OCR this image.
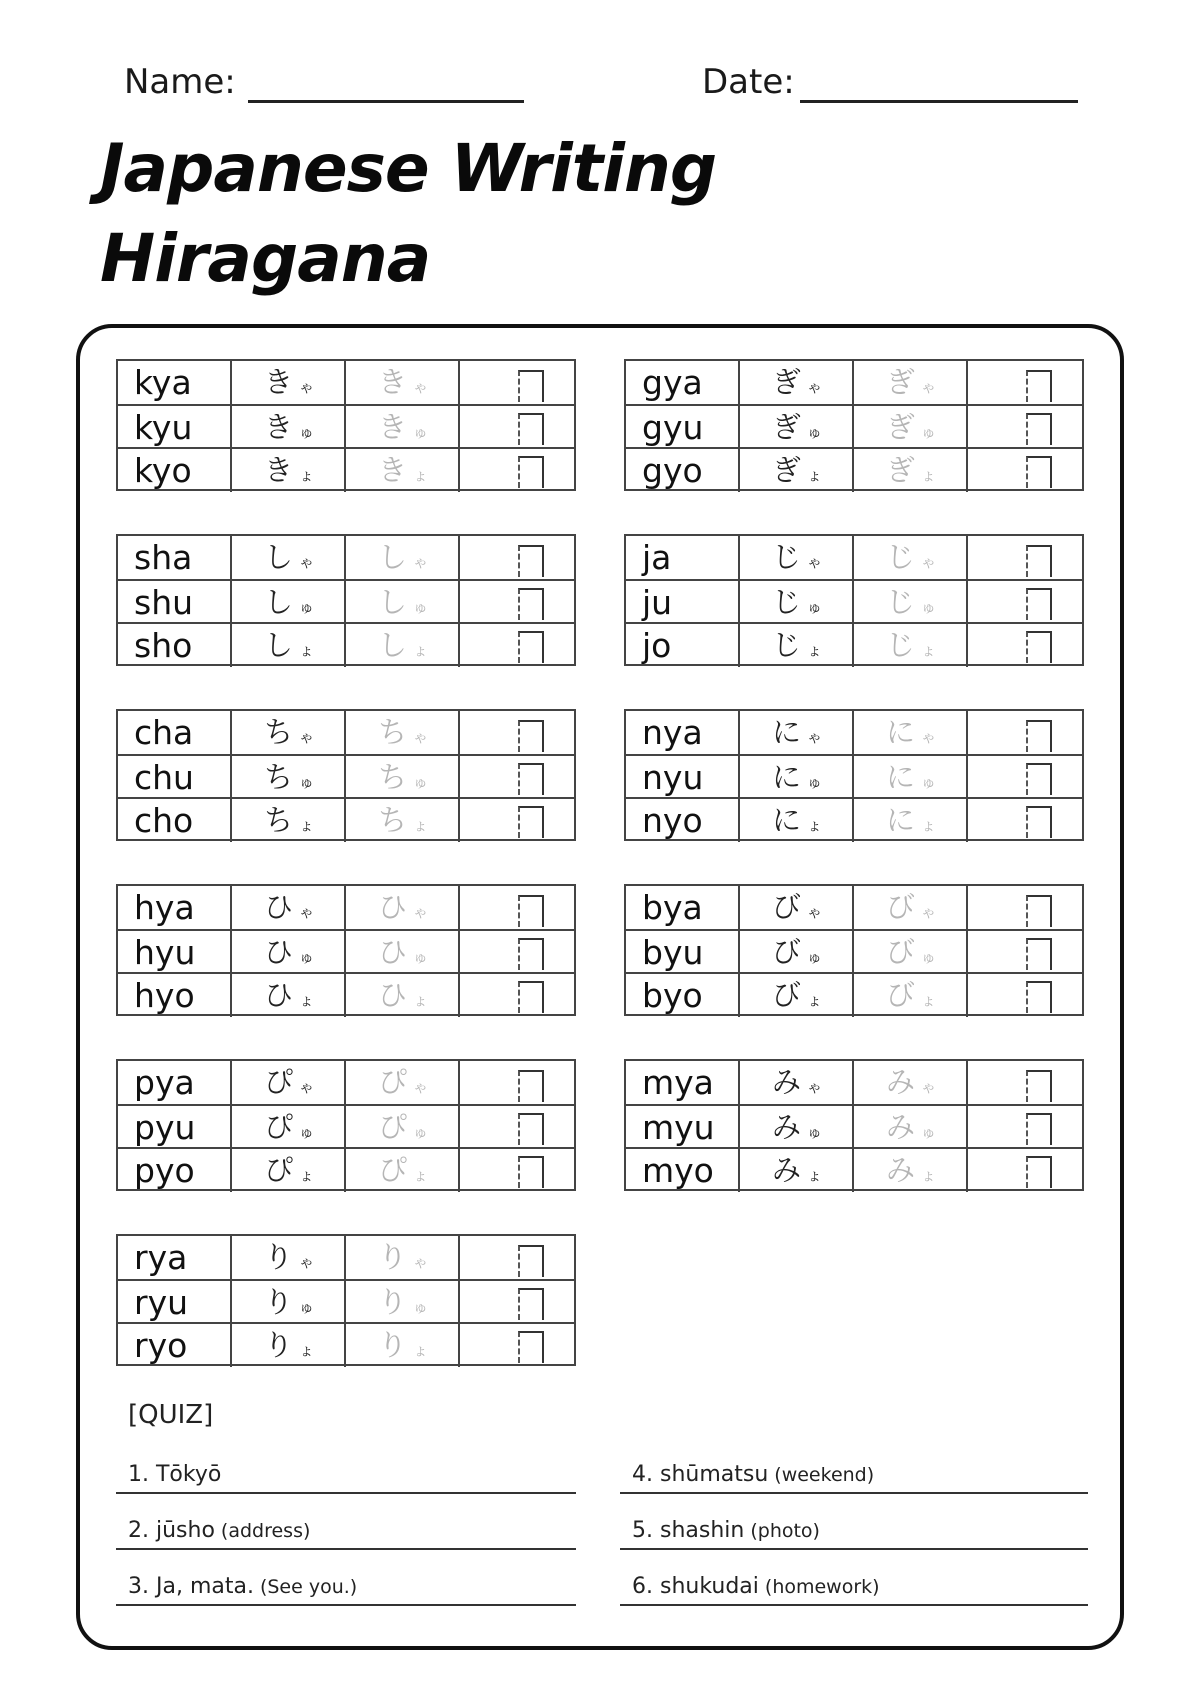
Name:	Date:
Japanese Writing
Hiragana
kya	きゃ	きゃ
kyu	きゅ	きゅ
kyo	きょ	きょ
gya	ぎゃ	ぎゃ
gyu	ぎゅ	ぎゅ
gyo	ぎょ	ぎょ
sha	しゃ	しゃ
shu	しゅ	しゅ
sho	しょ	しょ
ja	じゃ	じゃ
ju	じゅ	じゅ
jo	じょ	じょ
cha	ちゃ	ちゃ
chu	ちゅ	ちゅ
cho	ちょ	ちょ
nya	にゃ	にゃ
nyu	にゅ	にゅ
nyo	にょ	にょ
hya	ひゃ	ひゃ
hyu	ひゅ	ひゅ
hyo	ひょ	ひょ
bya	びゃ	びゃ
byu	びゅ	びゅ
byo	びょ	びょ
pya	ぴゃ	ぴゃ
pyu	ぴゅ	ぴゅ
pyo	ぴょ	ぴょ
mya	みゃ	みゃ
myu	みゅ	みゅ
myo	みょ	みょ
rya	りゃ	りゃ
ryu	りゅ	りゅ
ryo	りょ	りょ
[QUIZ]
1. Tōkyō
2. jūsho (address)
3. Ja, mata. (See you.)
4. shūmatsu (weekend)
5. shashin (photo)
6. shukudai (homework)
